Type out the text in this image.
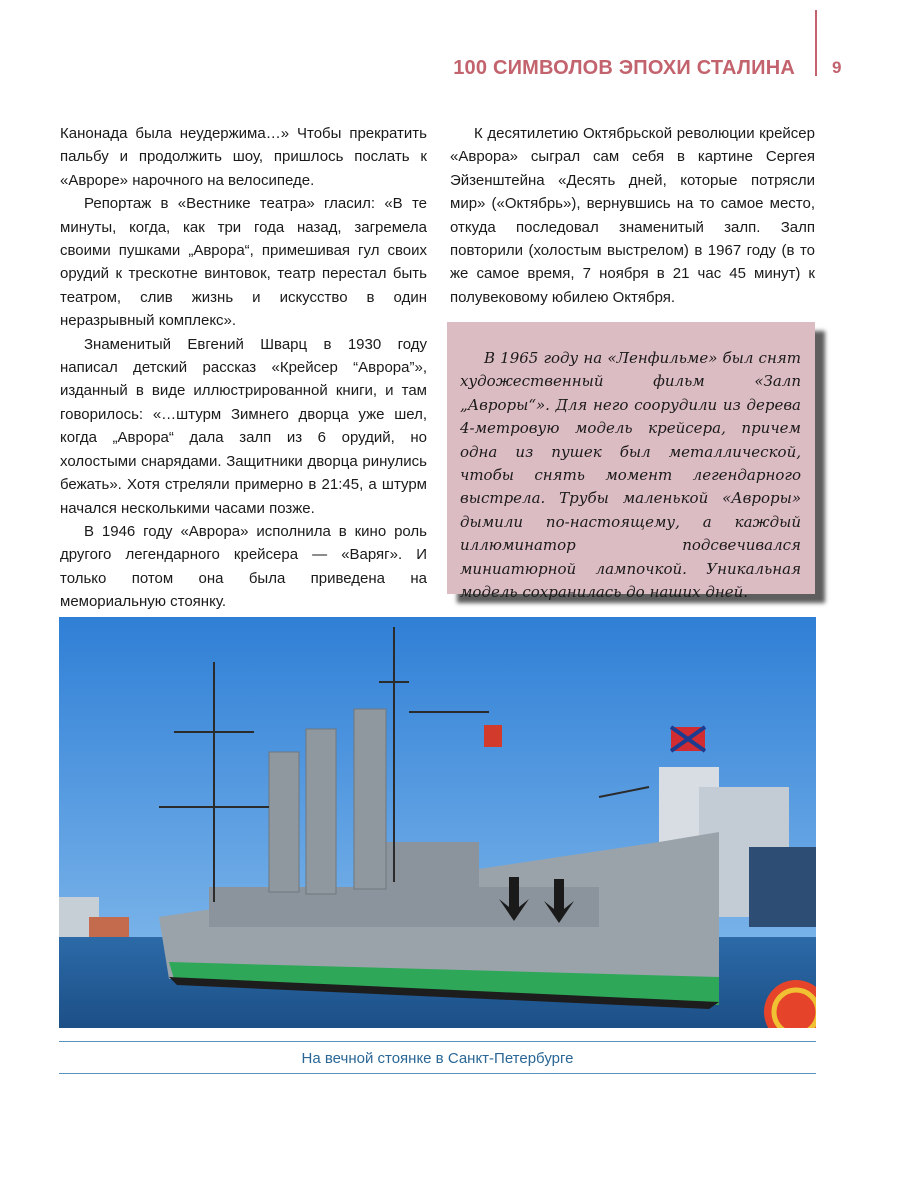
100 СИМВОЛОВ ЭПОХИ СТАЛИНА 9

Канонада была неудержима…» Чтобы прекратить пальбу и продолжить шоу, пришлось послать к «Авроре» нарочного на велосипеде.

Репортаж в «Вестнике театра» гласил: «В те минуты, когда, как три года назад, загремела своими пушками „Аврора“, примешивая гул своих орудий к трескотне винтовок, театр перестал быть театром, слив жизнь и искусство в один неразрывный комплекс».

Знаменитый Евгений Шварц в 1930 году написал детский рассказ «Крейсер “Аврора”», изданный в виде иллюстрированной книги, и там говорилось: «…штурм Зимнего дворца уже шел, когда „Аврора“ дала залп из 6 орудий, но холостыми снарядами. Защитники дворца ринулись бежать». Хотя стреляли примерно в 21:45, а штурм начался несколькими часами позже.

В 1946 году «Аврора» исполнила в кино роль другого легендарного крейсера — «Варяг». И только потом она была приведена на мемориальную стоянку.

К десятилетию Октябрьской революции крейсер «Аврора» сыграл сам себя в картине Сергея Эйзенштейна «Десять дней, которые потрясли мир» («Октябрь»), вернувшись на то самое место, откуда последовал знаменитый залп. Залп повторили (холостым выстрелом) в 1967 году (в то же самое время, 7 ноября в 21 час 45 минут) к полувековому юбилею Октября.

В 1965 году на «Ленфильме» был снят художественный фильм «Залп „Авроры“». Для него соорудили из дерева 4-метровую модель крейсера, причем одна из пушек был металлической, чтобы снять момент легендарного выстрела. Трубы маленькой «Авроры» дымили по-настоящему, а каждый иллюминатор подсвечивался миниатюрной лампочкой. Уникальная модель сохранилась до наших дней.

На вечной стоянке в Санкт-Петербурге
